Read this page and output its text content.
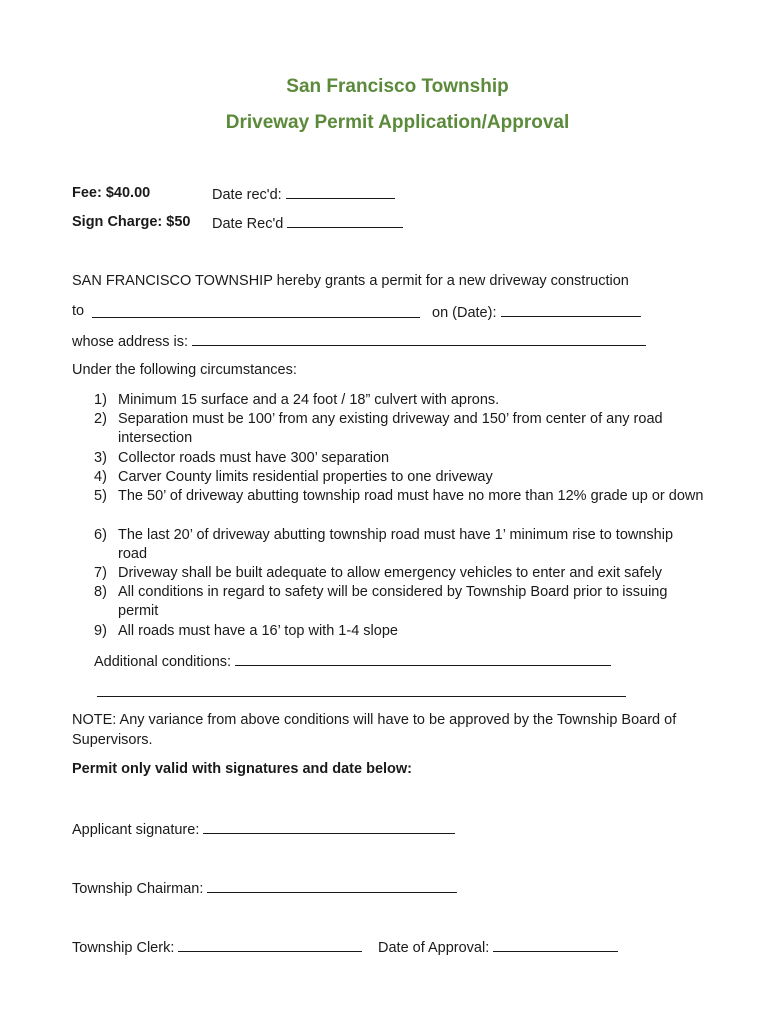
San Francisco Township
Driveway Permit Application/Approval
Fee: $40.00	Date rec'd:
Sign Charge: $50 Date Rec'd
SAN FRANCISCO TOWNSHIP hereby grants a permit for a new driveway construction
to	on (Date):
whose address is:
Under the following circumstances:
1) Minimum 15 surface and a 24 foot / 18” culvert with aprons.
2) Separation must be 100’ from any existing driveway and 150’ from center of any road intersection
3) Collector roads must have 300’ separation
4) Carver County limits residential properties to one driveway
5) The 50’ of driveway abutting township road must have no more than 12% grade up or down
6) The last 20’ of driveway abutting township road must have 1’ minimum rise to township road
7) Driveway shall be built adequate to allow emergency vehicles to enter and exit safely
8) All conditions in regard to safety will be considered by Township Board prior to issuing permit
9) All roads must have a 16’ top with 1-4 slope
Additional conditions:
NOTE: Any variance from above conditions will have to be approved by the Township Board of Supervisors.
Permit only valid with signatures and date below:
Applicant signature:
Township Chairman:
Township Clerk:	Date of Approval:
